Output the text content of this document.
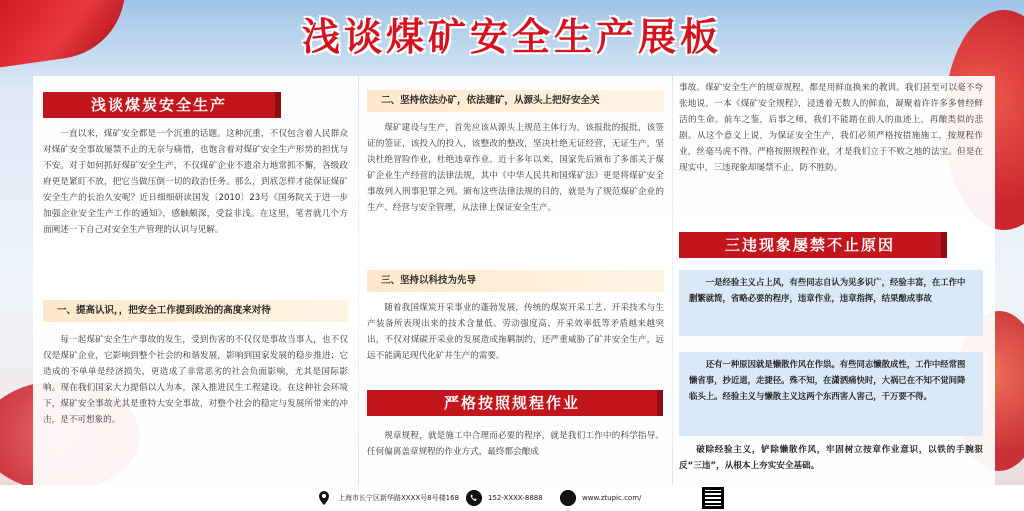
浅谈煤矿安全生产展板
浅谈煤炭安全生产

一直以来，煤矿安全都是一个沉重的话题。这种沉重，不仅包含着人民群众对煤矿安全事故屡禁不止的无奈与痛惜，也饱含着对煤矿安全生产形势的担忧与不安。对于如何抓好煤矿安全生产，不仅煤矿企业不遗余力地常抓不懈，各级政府更是紧盯不放，把它当做压倒一切的政治任务。那么，到底怎样才能保证煤矿安全生产的长治久安呢？近日细细研读国发〔2010〕23号《国务院关于进一步加强企业安全生产工作的通知》，感触颇深，受益非浅。在这里，笔者就几个方面阐述一下自己对安全生产管理的认识与见解。

一、提高认识，，把安全工作提到政治的高度来对待

每一起煤矿安全生产事故的发生，受到伤害的不仅仅是事故当事人，也不仅仅是煤矿企业，它影响到整个社会的和谐发展，影响到国家发展的稳步推进；它造成的不单单是经济损失，更造成了非常恶劣的社会负面影响，尤其是国际影响。现在我们国家大力提倡以人为本，深入推进民生工程建设。在这种社会环境下，煤矿安全事故尤其是重特大安全事故，对整个社会的稳定与发展所带来的冲击，是不可想象的。

二、坚持依法办矿，依法建矿，从源头上把好安全关

煤矿建设与生产，首先应该从源头上规范主体行为，该报批的报批，该签证的签证，该投入的投入，该整改的整改，坚决杜绝无证经营，无证生产，坚决杜绝冒险作业，杜绝违章作业。近十多年以来，国家先后颁布了多部关于煤矿企业生产经营的法律法规，其中《中华人民共和国煤矿法》更是将煤矿安全事故列入刑事犯罪之列。颁布这些法律法规的目的，就是为了规范煤矿企业的生产、经营与安全管理，从法律上保证安全生产。

三、坚持以科技为先导

随着我国煤炭开采事业的蓬勃发展，传统的煤炭开采工艺、开采技术与生产装备所表现出来的技术含量低、劳动强度高、开采效率低等矛盾越来越突出，不仅对煤碳开采业的发展造成拖羁制约，还严重威胁了矿井安全生产，远远不能满足现代化矿井生产的需要。

严格按照规程作业

规章规程，就是施工中合理而必要的程序，就是我们工作中的科学指导。任何偏离盖章规程的作业方式，最终都会酿成

事故。煤矿安全生产的规章规程，都是用鲜血换来的教训。我们甚至可以毫不夸张地说，一本《煤矿安全规程》，浸透着无数人的鲜血，凝聚着许许多多曾经鲜活的生命。前车之鉴，后事之师，我们不能踏在前人的血迹上，再酿类似的悲剧。从这个意义上说，为保证安全生产，我们必须严格按措施施工，按规程作业，丝毫马虎不得。严格按照规程作业，才是我们立于不败之地的法宝。但是在现实中，三违现象却屡禁不止，防不胜防。

三违现象屡禁不止原因

一是经验主义占上风，有些同志自认为见多识广，经验丰富，在工作中删繁就简，省略必要的程序，违章作业，违章指挥，结果酿成事故

还有一种原因就是懒散作风在作祟。有些同志懒散成性，工作中经常图懒省事，抄近道，走捷径。殊不知，在潇洒痛快时，大祸已在不知不觉间降临头上。经验主义与懒散主义这两个东西害人害己，千万要不得。

破除经验主义，铲除懒散作风，牢固树立按章作业意识，以铁的手腕狠反“三违”，从根本上夯实安全基础。

上海市长宁区新华路XXXX号8号楼168	152-XXXX-8888	www.ztupic.com/
